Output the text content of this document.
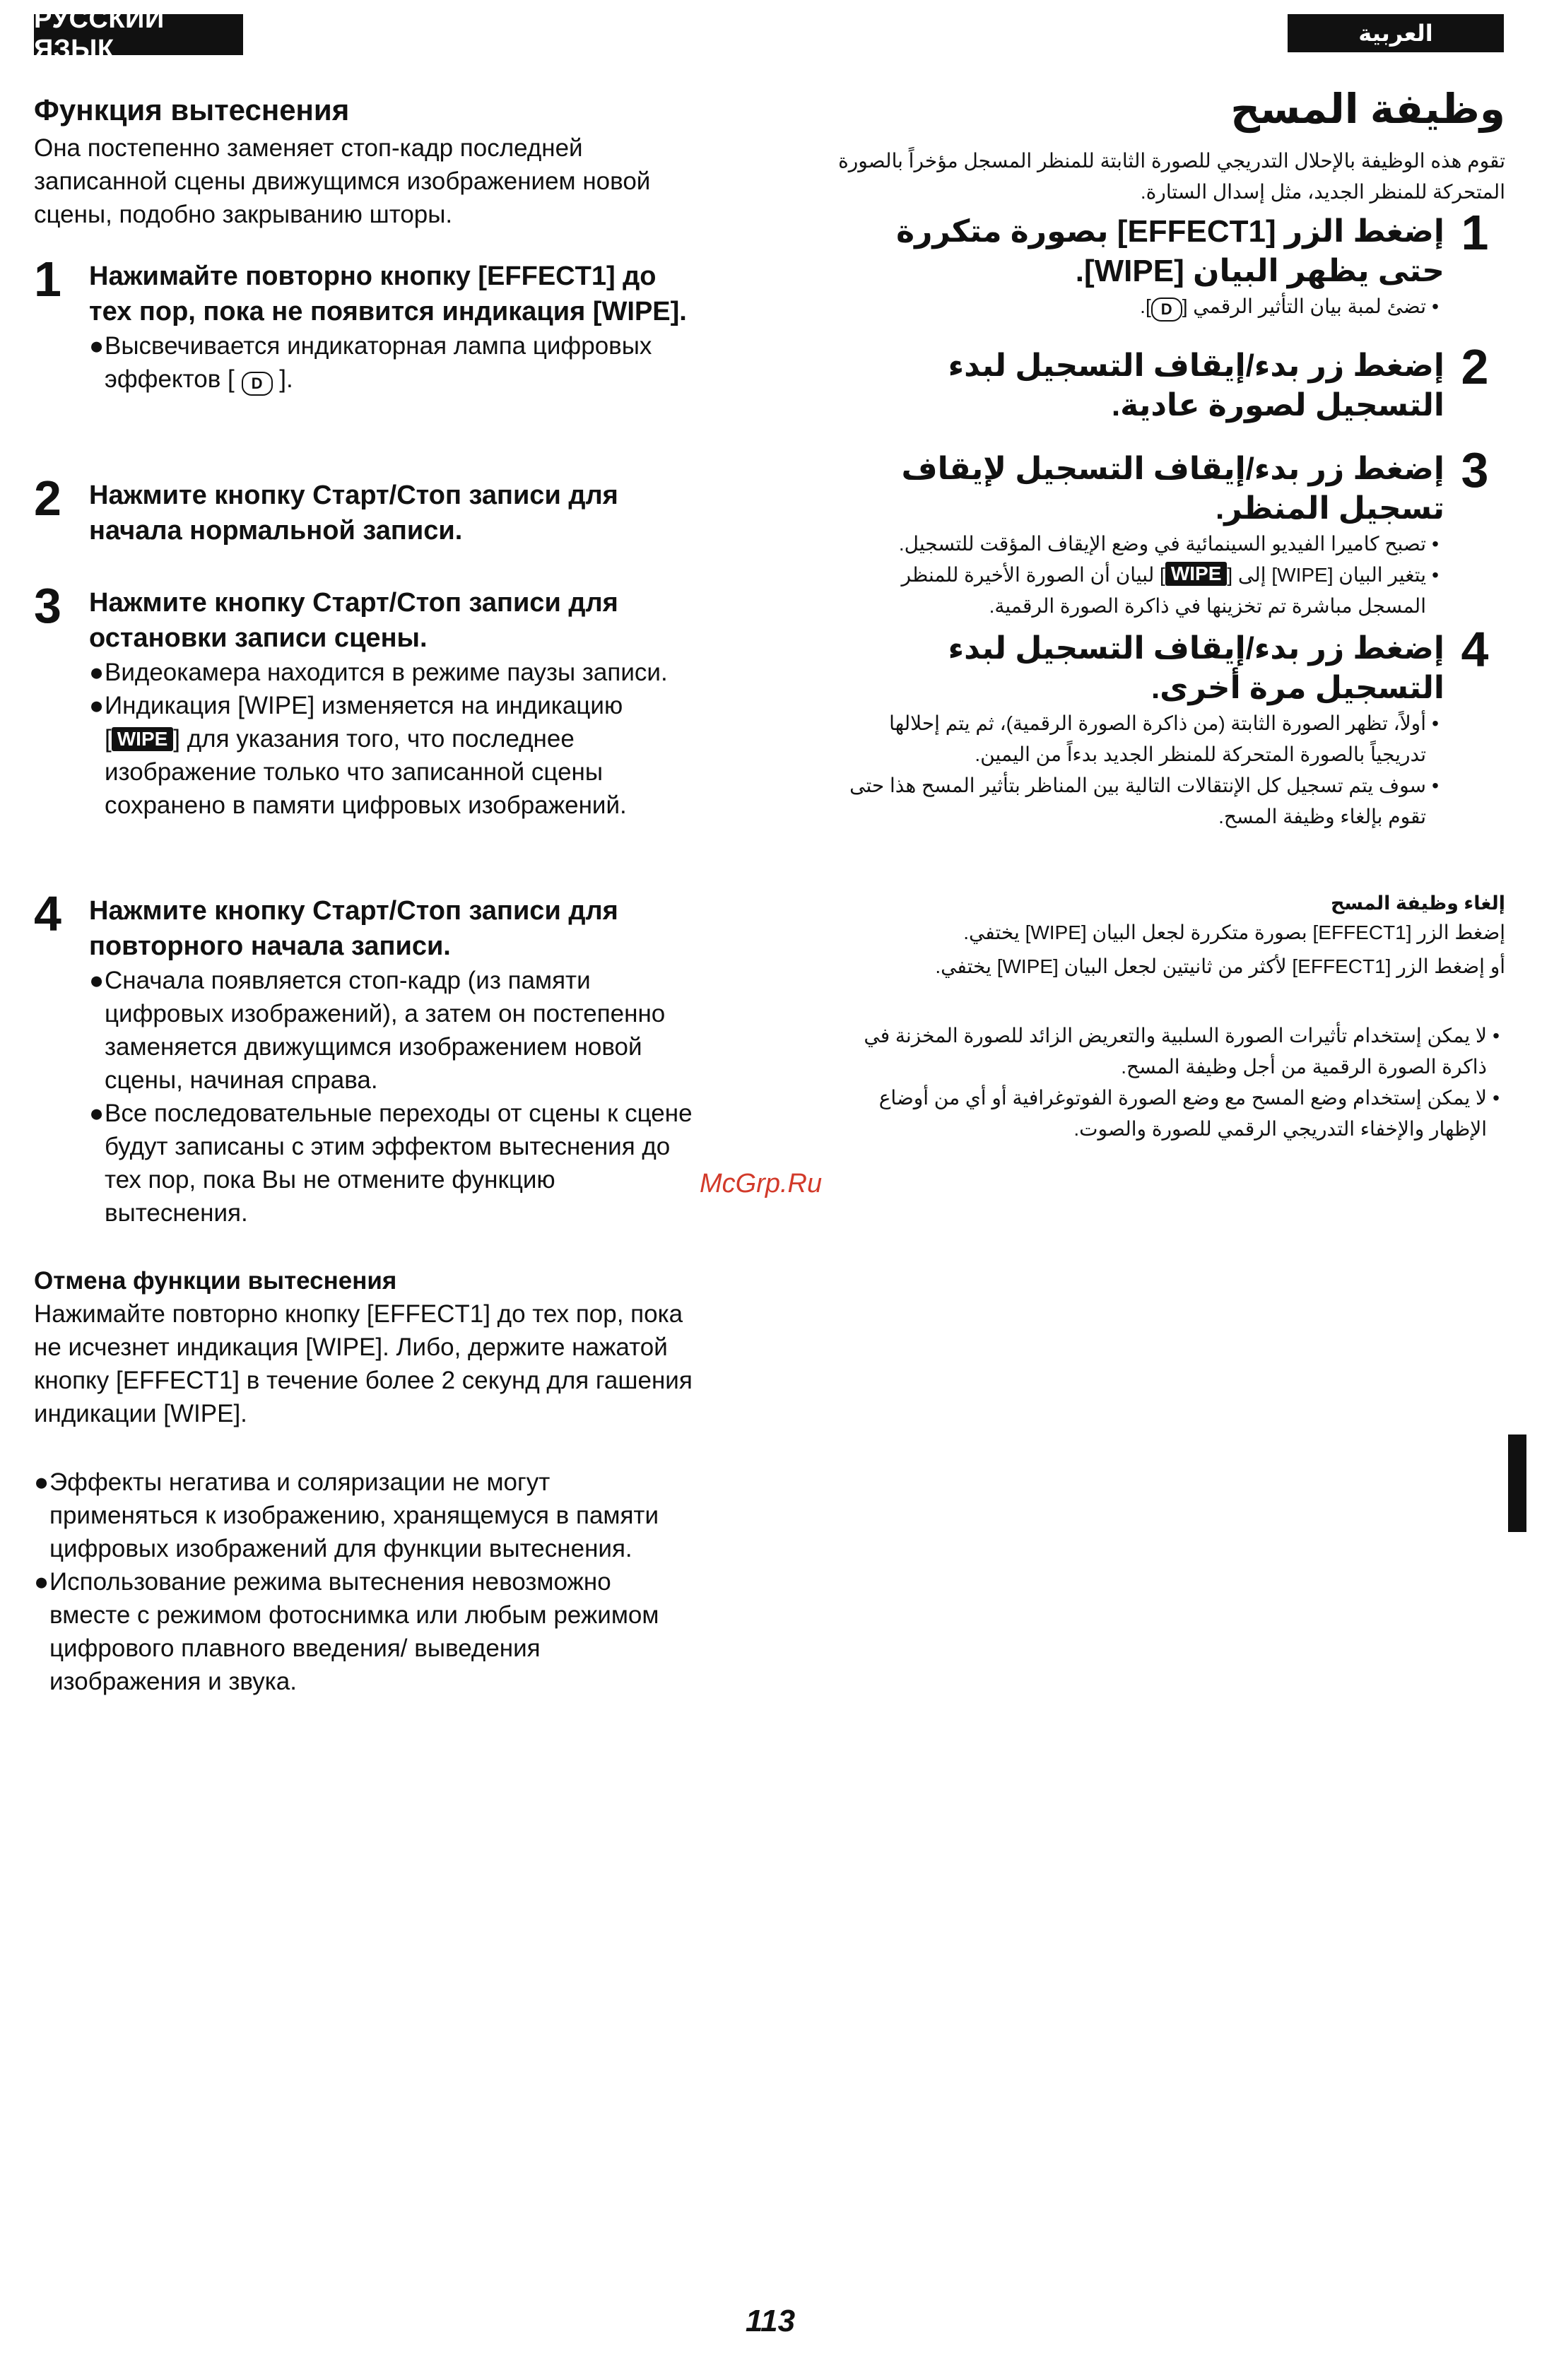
РУССКИЙ ЯЗЫК
العربية
Функция вытеснения
Она постепенно заменяет стоп-кадр последней записанной сцены движущимся изображением новой сцены, подобно закрыванию шторы.
1	Нажимайте повторно кнопку [EFFECT1] до тех пор, пока не появится индикация [WIPE].
● Высвечивается индикаторная лампа цифровых эффектов [ D ].
2	Нажмите кнопку Старт/Стоп записи для начала нормальной записи.
3	Нажмите кнопку Старт/Стоп записи для остановки записи сцены.
● Видеокамера находится в режиме паузы записи.
● Индикация [WIPE] изменяется на индикацию
[ WIPE ] для указания того, что последнее изображение только что записанной сцены сохранено в памяти цифровых изображений.
4	Нажмите кнопку Старт/Стоп записи для повторного начала записи.
● Сначала появляется стоп-кадр (из памяти цифровых изображений), а затем он постепенно заменяется движущимся изображением новой сцены, начиная справа.
● Все последовательные переходы от сцены к сцене будут записаны с этим эффектом вытеснения до тех пор, пока Вы не отмените функцию вытеснения.
Отмена функции вытеснения
Нажимайте повторно кнопку [EFFECT1] до тех пор, пока не исчезнет индикация [WIPE]. Либо, держите нажатой кнопку [EFFECT1] в течение более 2 секунд для гашения индикации [WIPE].
● Эффекты негатива и соляризации не могут применяться к изображению, хранящемуся в памяти цифровых изображений для функции вытеснения.
● Использование режима вытеснения невозможно вместе с режимом фотоснимка или любым режимом цифрового плавного введения/ выведения изображения и звука.
وظيفة المسح
تقوم هذه الوظيفة بالإحلال التدريجي للصورة الثابتة للمنظر المسجل مؤخراً بالصورة المتحركة للمنظر الجديد، مثل إسدال الستارة.
1
إضغط الزر [EFFECT1] بصورة متكررة حتى يظهر البيان [WIPE].
•
تضئ لمبة بيان التأثير الرقمي [D].
2
إضغط زر بدء/إيقاف التسجيل لبدء التسجيل لصورة عادية.
3
إضغط زر بدء/إيقاف التسجيل لإيقاف تسجيل المنظر.
•
تصبح كاميرا الفيديو السينمائية في وضع الإيقاف المؤقت للتسجيل.
•
يتغير البيان [WIPE] إلى [WIPE] لبيان أن الصورة الأخيرة للمنظر المسجل مباشرة تم تخزينها في ذاكرة الصورة الرقمية.
4
إضغط زر بدء/إيقاف التسجيل لبدء التسجيل مرة أخرى.
•
أولاً، تظهر الصورة الثابتة (من ذاكرة الصورة الرقمية)، ثم يتم إحلالها تدريجياً بالصورة المتحركة للمنظر الجديد بدءاً من اليمين.
•
سوف يتم تسجيل كل الإنتقالات التالية بين المناظر بتأثير المسح هذا حتى تقوم بإلغاء وظيفة المسح.
إلغاء وظيفة المسح
إضغط الزر [EFFECT1] بصورة متكررة لجعل البيان [WIPE] يختفي.
أو إضغط الزر [EFFECT1] لأكثر من ثانيتين لجعل البيان [WIPE] يختفي.
•
لا يمكن إستخدام تأثيرات الصورة السلبية والتعريض الزائد للصورة المخزنة في ذاكرة الصورة الرقمية من أجل وظيفة المسح.
•
لا يمكن إستخدام وضع المسح مع وضع الصورة الفوتوغرافية أو أي من أوضاع الإظهار والإخفاء التدريجي الرقمي للصورة والصوت.
McGrp.Ru
113
